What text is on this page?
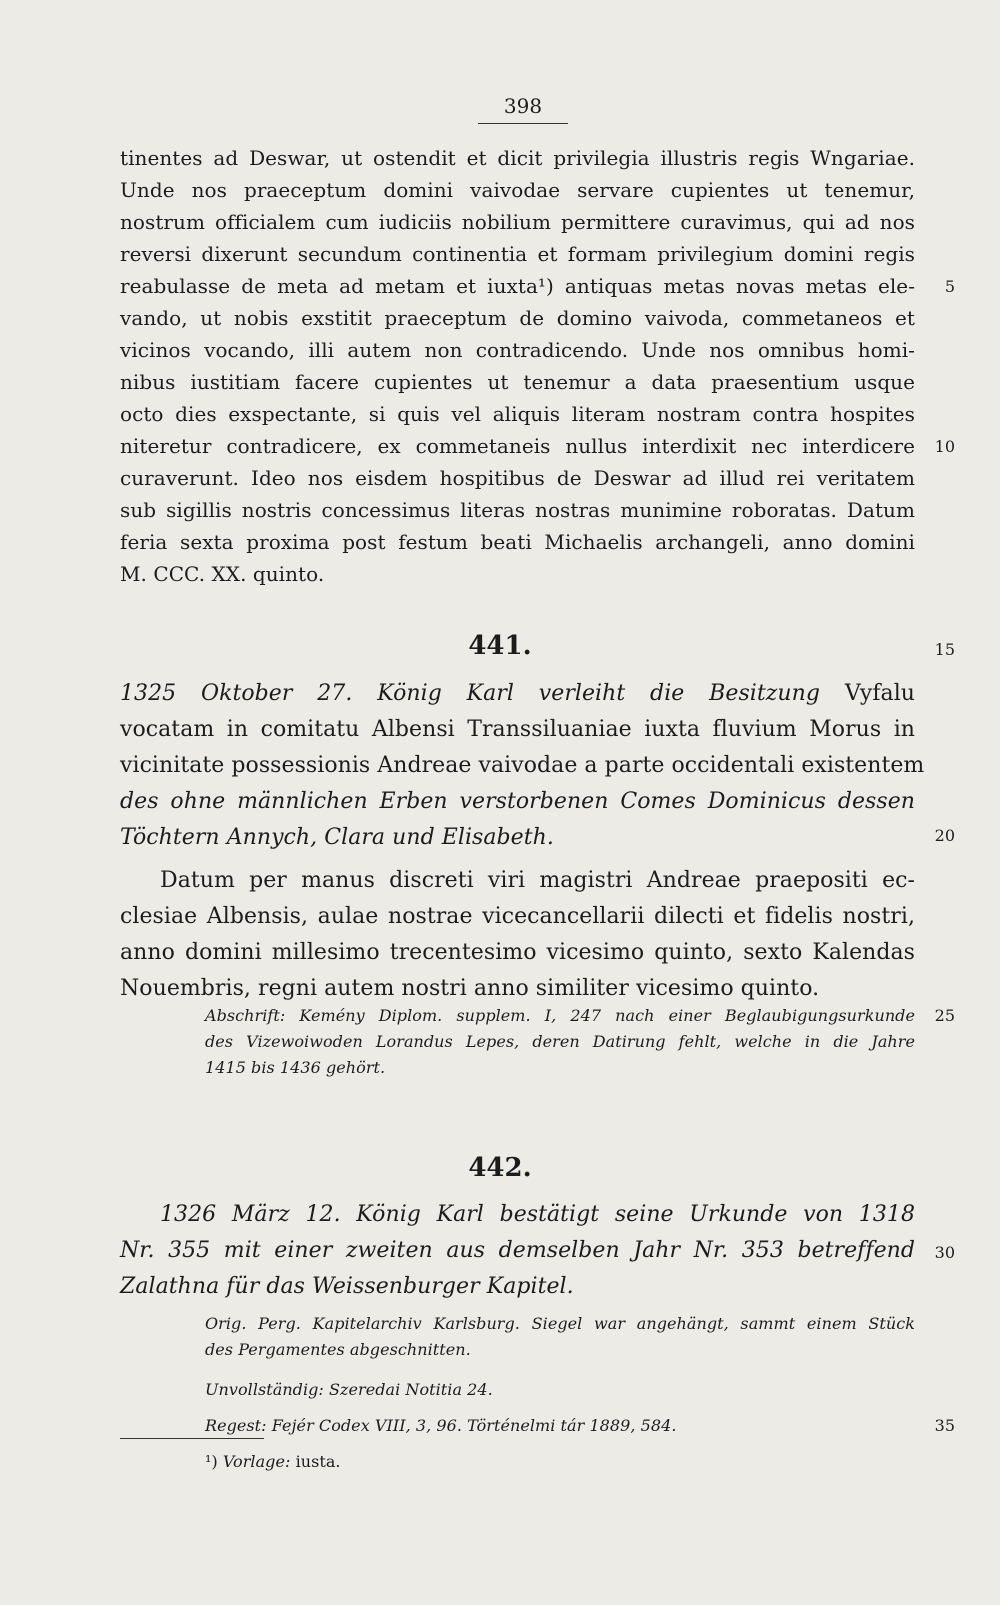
398
tinentes ad Deswar, ut ostendit et dicit privilegia illustris regis Wngariae.
Unde nos praeceptum domini vaivodae servare cupientes ut tenemur,
nostrum officialem cum iudiciis nobilium permittere curavimus, qui ad nos
reversi dixerunt secundum continentia et formam privilegium domini regis
reabulasse de meta ad metam et iuxta¹) antiquas metas novas metas ele-
vando, ut nobis exstitit praeceptum de domino vaivoda, commetaneos et
vicinos vocando, illi autem non contradicendo. Unde nos omnibus homi-
nibus iustitiam facere cupientes ut tenemur a data praesentium usque
octo dies exspectante, si quis vel aliquis literam nostram contra hospites
niteretur contradicere, ex commetaneis nullus interdixit nec interdicere
curaverunt. Ideo nos eisdem hospitibus de Deswar ad illud rei veritatem
sub sigillis nostris concessimus literas nostras munimine roboratas. Datum
feria sexta proxima post festum beati Michaelis archangeli, anno domini
M. CCC. XX. quinto.
441.
1325 Oktober 27. König Karl verleiht die Besitzung Vyfalu
vocatam in comitatu Albensi Transsiluaniae iuxta fluvium Morus in
vicinitate possessionis Andreae vaivodae a parte occidentali existentem
des ohne männlichen Erben verstorbenen Comes Dominicus dessen
Töchtern Annych, Clara und Elisabeth.
Datum per manus discreti viri magistri Andreae praepositi ec-
clesiae Albensis, aulae nostrae vicecancellarii dilecti et fidelis nostri,
anno domini millesimo trecentesimo vicesimo quinto, sexto Kalendas
Nouembris, regni autem nostri anno similiter vicesimo quinto.
Abschrift: Kemény Diplom. supplem. I, 247 nach einer Beglaubigungsurkunde
des Vizewoiwoden Lorandus Lepes, deren Datirung fehlt, welche in die Jahre
1415 bis 1436 gehört.
442.
1326 März 12. König Karl bestätigt seine Urkunde von 1318
Nr. 355 mit einer zweiten aus demselben Jahr Nr. 353 betreffend
Zalathna für das Weissenburger Kapitel.
Orig. Perg. Kapitelarchiv Karlsburg. Siegel war angehängt, sammt einem Stück
des Pergamentes abgeschnitten.
Unvollständig: Szeredai Notitia 24.
Regest: Fejér Codex VIII, 3, 96. Történelmi tár 1889, 584.
¹) Vorlage: iusta.
5
10
15
20
25
30
35
